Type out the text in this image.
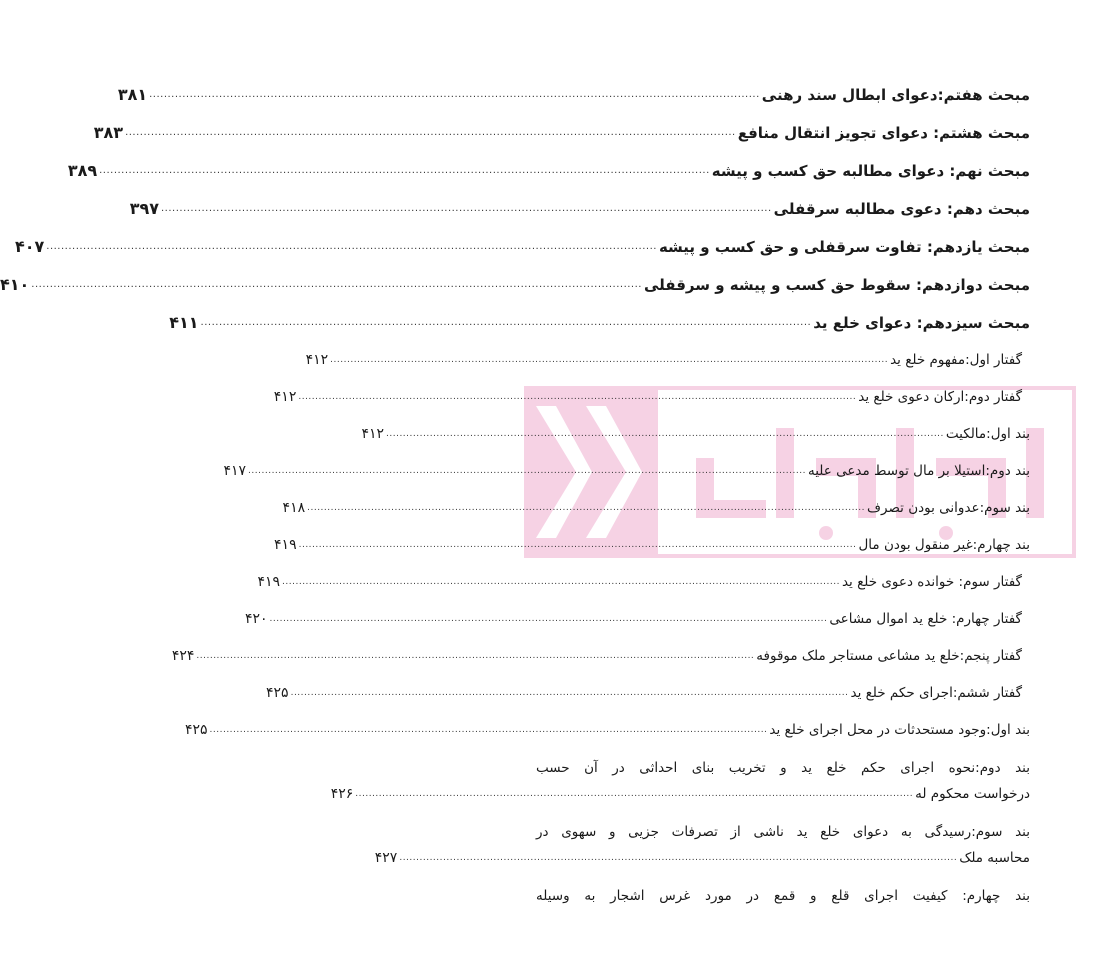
مبحث هفتم:دعوای ابطال سند رهنی
......................................................................................................................................................................
۳۸۱
مبحث هشتم: دعوای تجویز انتقال منافع
......................................................................................................................................................................
۳۸۳
مبحث نهم: دعوای مطالبه حق کسب و پیشه
......................................................................................................................................................................
۳۸۹
مبحث دهم: دعوی مطالبه سرقفلی
......................................................................................................................................................................
۳۹۷
مبحث یازدهم: تفاوت سرقفلی و حق کسب و پیشه
......................................................................................................................................................................
۴۰۷
مبحث دوازدهم: سقوط حق کسب و پیشه و سرقفلی
......................................................................................................................................................................
۴۱۰
مبحث سیزدهم: دعوای خلع ید
......................................................................................................................................................................
۴۱۱
گفتار اول:مفهوم خلع ید
......................................................................................................................................................................
۴۱۲
گفتار دوم:ارکان دعوی خلع ید
......................................................................................................................................................................
۴۱۲
بند اول:مالکیت
......................................................................................................................................................................
۴۱۲
بند دوم:استیلا بر مال توسط مدعی علیه
......................................................................................................................................................................
۴۱۷
بند سوم:عدوانی بودن تصرف
......................................................................................................................................................................
۴۱۸
بند چهارم:غیر منقول بودن مال
......................................................................................................................................................................
۴۱۹
گفتار سوم: خوانده دعوی خلع ید
......................................................................................................................................................................
۴۱۹
گفتار چهارم: خلع ید اموال مشاعی
......................................................................................................................................................................
۴۲۰
گفتار پنجم:خلع ید مشاعی مستاجر ملک موقوفه
......................................................................................................................................................................
۴۲۴
گفتار ششم:اجرای حکم خلع ید
......................................................................................................................................................................
۴۲۵
بند اول:وجود مستحدثات در محل اجرای خلع ید
......................................................................................................................................................................
۴۲۵
بند دوم:نحوه اجرای حکم خلع ید و تخریب بنای احداثی در آن حسب
درخواست محکوم له
......................................................................................................................................................................
۴۲۶
بند سوم:رسیدگی به دعوای خلع ید ناشی از تصرفات جزیی و سهوی در
محاسبه ملک
......................................................................................................................................................................
۴۲۷
بند چهارم: کیفیت اجرای قلع و قمع در مورد غرس اشجار به وسیله
